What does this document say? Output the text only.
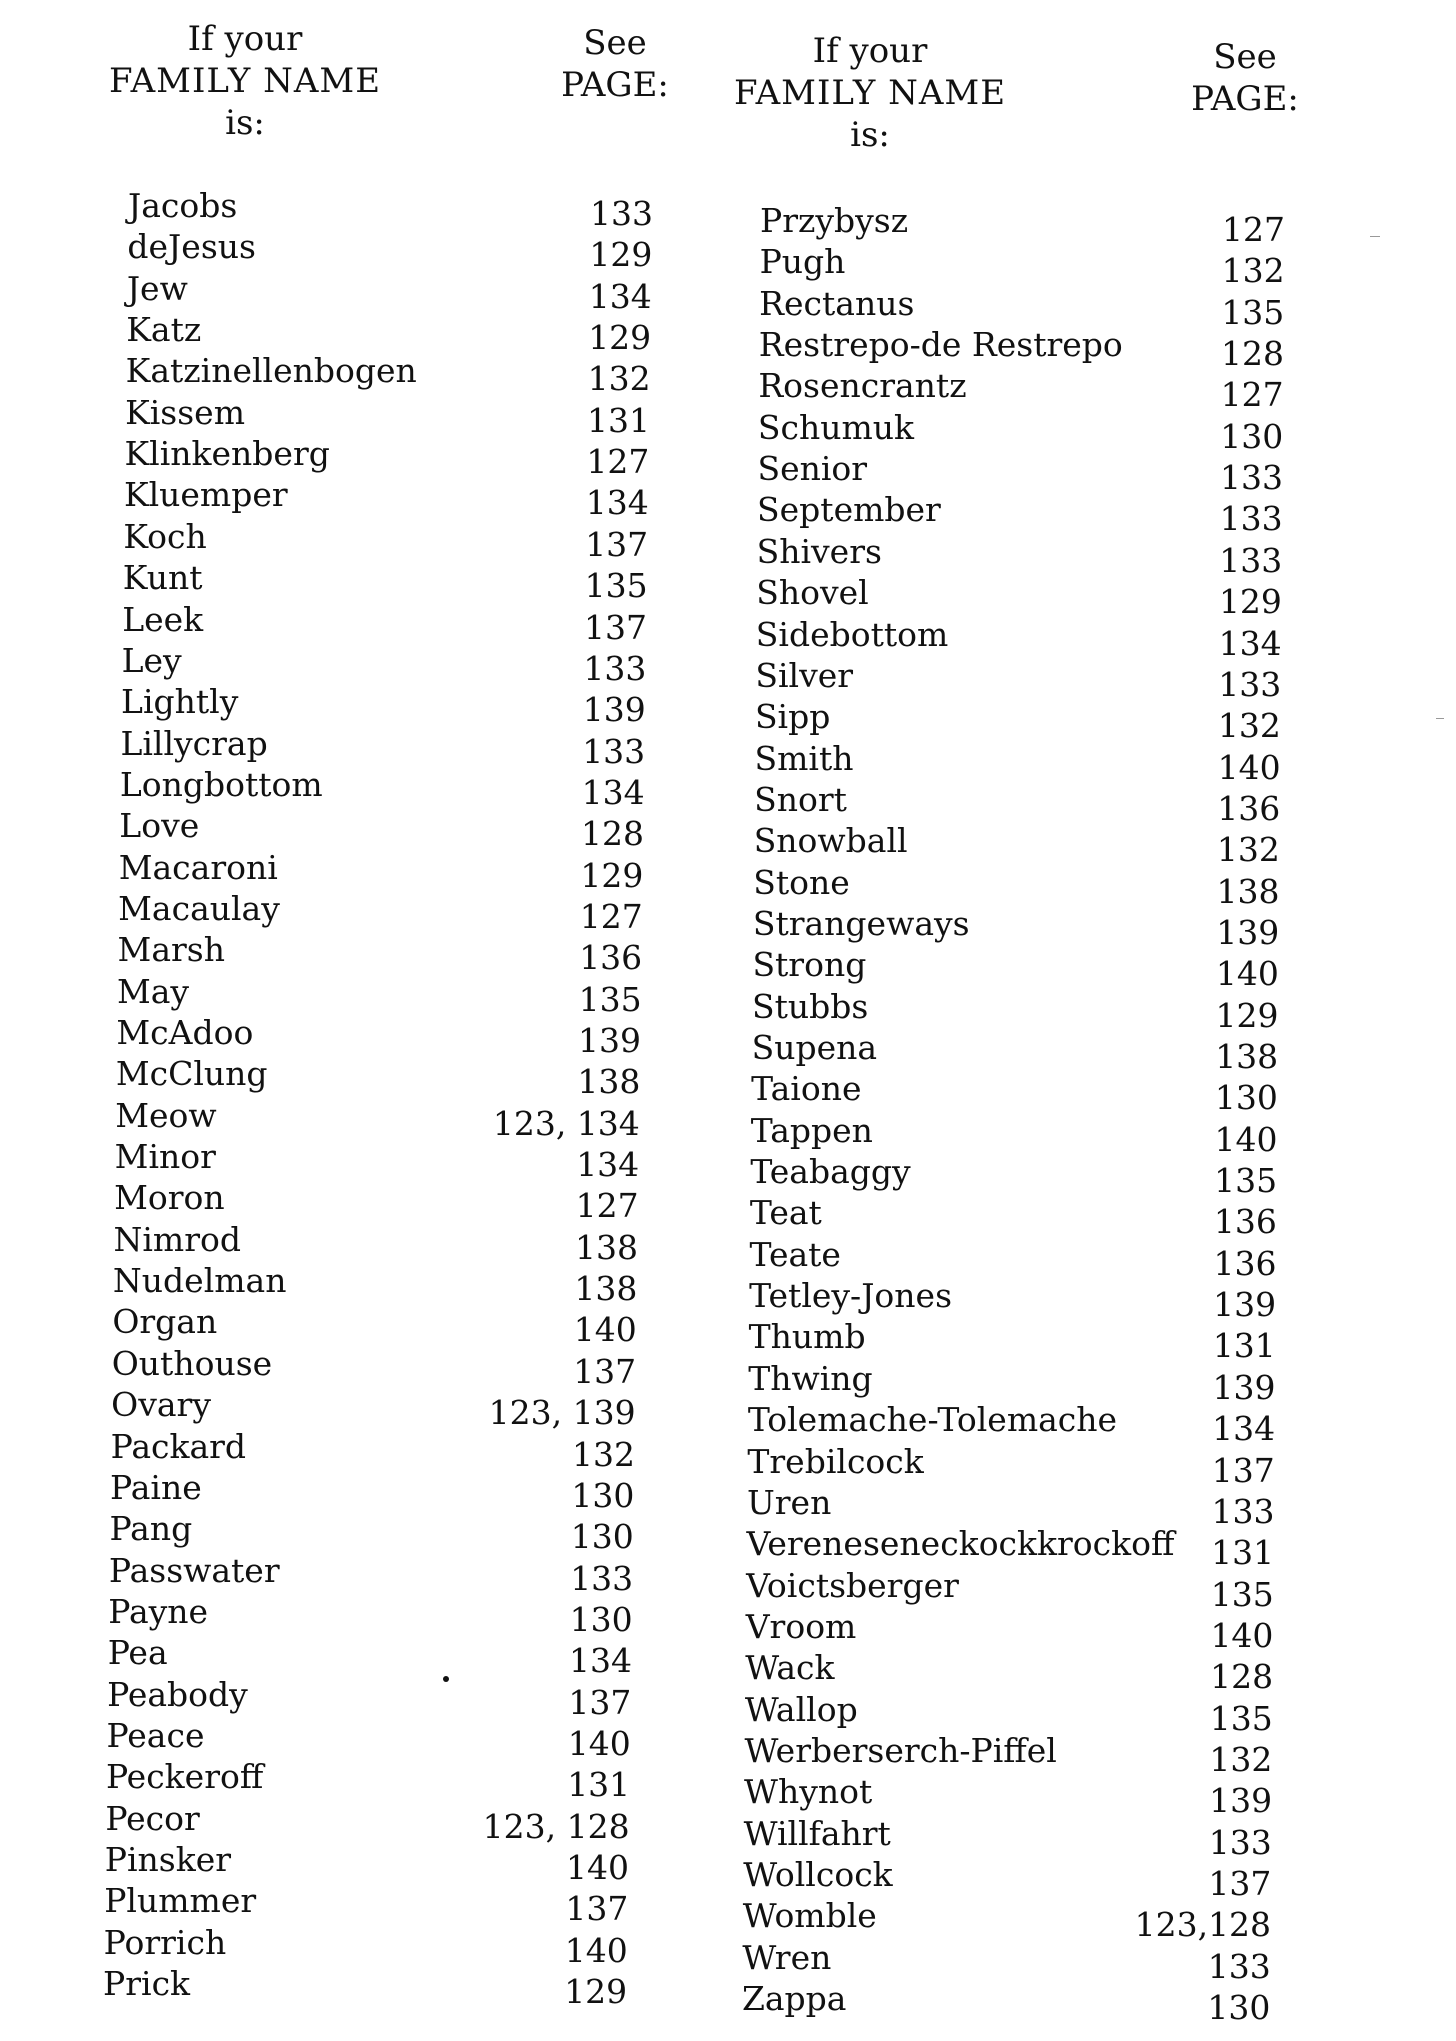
If your
FAMILY NAME
is:
See
PAGE:
If your
FAMILY NAME
is:
See
PAGE:
Jacobs	133
deJesus	129
Jew	134
Katz	129
Katzinellenbogen	132
Kissem	131
Klinkenberg	127
Kluemper	134
Koch	137
Kunt	135
Leek	137
Ley	133
Lightly	139
Lillycrap	133
Longbottom	134
Love	128
Macaroni	129
Macaulay	127
Marsh	136
May	135
McAdoo	139
McClung	138
Meow	123, 134
Minor	134
Moron	127
Nimrod	138
Nudelman	138
Organ	140
Outhouse	137
Ovary	123, 139
Packard	132
Paine	130
Pang	130
Passwater	133
Payne	130
Pea	134
Peabody	137
Peace	140
Peckeroff	131
Pecor	123, 128
Pinsker	140
Plummer	137
Porrich	140
Prick	129
Przybysz	127
Pugh	132
Rectanus	135
Restrepo-de Restrepo	128
Rosencrantz	127
Schumuk	130
Senior	133
September	133
Shivers	133
Shovel	129
Sidebottom	134
Silver	133
Sipp	132
Smith	140
Snort	136
Snowball	132
Stone	138
Strangeways	139
Strong	140
Stubbs	129
Supena	138
Taione	130
Tappen	140
Teabaggy	135
Teat	136
Teate	136
Tetley-Jones	139
Thumb	131
Thwing	139
Tolemache-Tolemache	134
Trebilcock	137
Uren	133
Vereneseneckockkrockoff	131
Voictsberger	135
Vroom	140
Wack	128
Wallop	135
Werberserch-Piffel	132
Whynot	139
Willfahrt	133
Wollcock	137
Womble	123,128
Wren	133
Zappa	130
